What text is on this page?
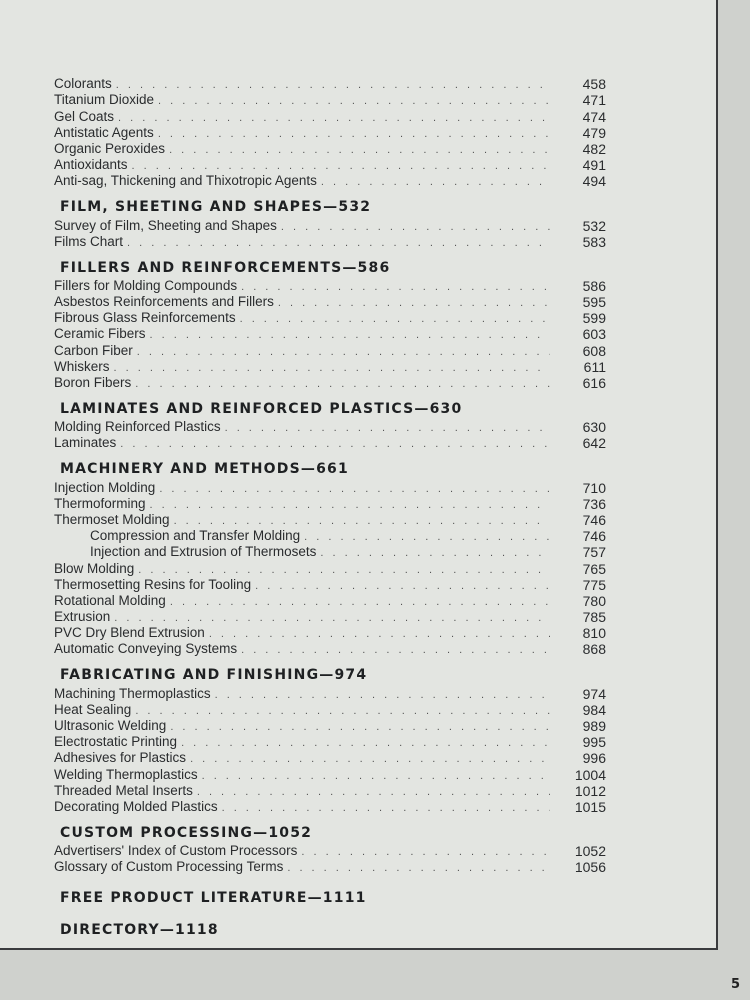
Colorants . . .	458
Titanium Dioxide . . .	471
Gel Coats . . .	474
Antistatic Agents . . .	479
Organic Peroxides . . .	482
Antioxidants . . .	491
Anti-sag, Thickening and Thixotropic Agents . . .	494
FILM, SHEETING AND SHAPES—532
Survey of Film, Sheeting and Shapes . . .	532
Films Chart . . .	583
FILLERS AND REINFORCEMENTS—586
Fillers for Molding Compounds . . .	586
Asbestos Reinforcements and Fillers . . .	595
Fibrous Glass Reinforcements . . .	599
Ceramic Fibers . . .	603
Carbon Fiber . . .	608
Whiskers . . .	611
Boron Fibers . . .	616
LAMINATES AND REINFORCED PLASTICS—630
Molding Reinforced Plastics . . .	630
Laminates . . .	642
MACHINERY AND METHODS—661
Injection Molding . . .	710
Thermoforming . . .	736
Thermoset Molding . . .	746
Compression and Transfer Molding . . .	746
Injection and Extrusion of Thermosets . . .	757
Blow Molding . . .	765
Thermosetting Resins for Tooling . . .	775
Rotational Molding . . .	780
Extrusion . . .	785
PVC Dry Blend Extrusion . . .	810
Automatic Conveying Systems . . .	868
FABRICATING AND FINISHING—974
Machining Thermoplastics . . .	974
Heat Sealing . . .	984
Ultrasonic Welding . . .	989
Electrostatic Printing . . .	995
Adhesives for Plastics . . .	996
Welding Thermoplastics . . .	1004
Threaded Metal Inserts . . .	1012
Decorating Molded Plastics . . .	1015
CUSTOM PROCESSING—1052
Advertisers' Index of Custom Processors . . .	1052
Glossary of Custom Processing Terms . . .	1056
FREE PRODUCT LITERATURE—1111
DIRECTORY—1118
5
